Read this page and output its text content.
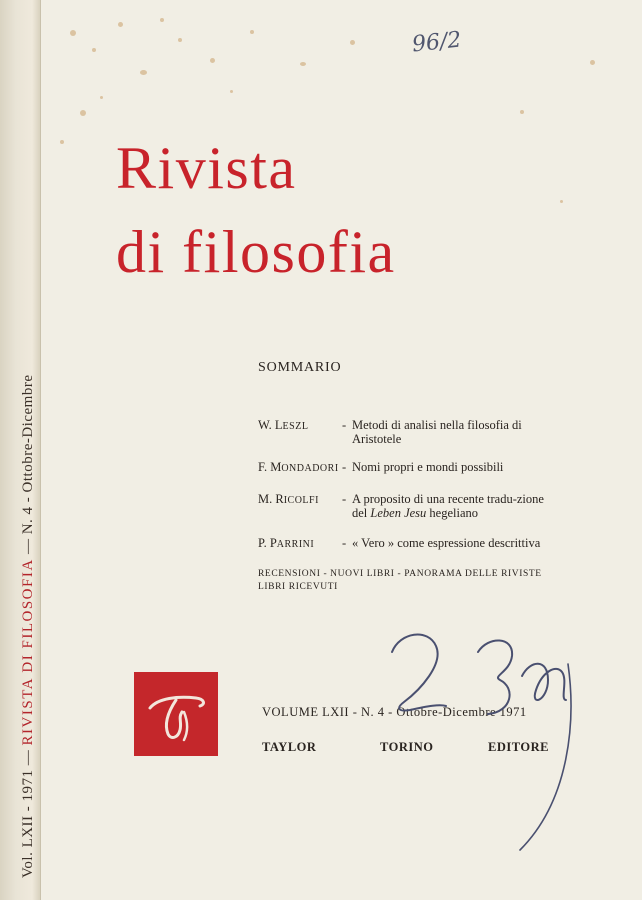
Vol. LXII - 1971 — RIVISTA DI FILOSOFIA — N. 4 - Ottobre-Dicembre
96/2
Rivista
di filosofia
SOMMARIO
W. LESZL	- Metodi di analisi nella filosofia di Aristotele
F. MONDADORI - Nomi propri e mondi possibili
M. RICOLFI	- A proposito di una recente tradu-zione del Leben Jesu hegeliano
P. PARRINI	- « Vero » come espressione descrittiva
RECENSIONI - NUOVI LIBRI - PANORAMA DELLE RIVISTE
LIBRI RICEVUTI
VOLUME LXII - N. 4 - Ottobre-Dicembre 1971
TAYLOR	TORINO	EDITORE
